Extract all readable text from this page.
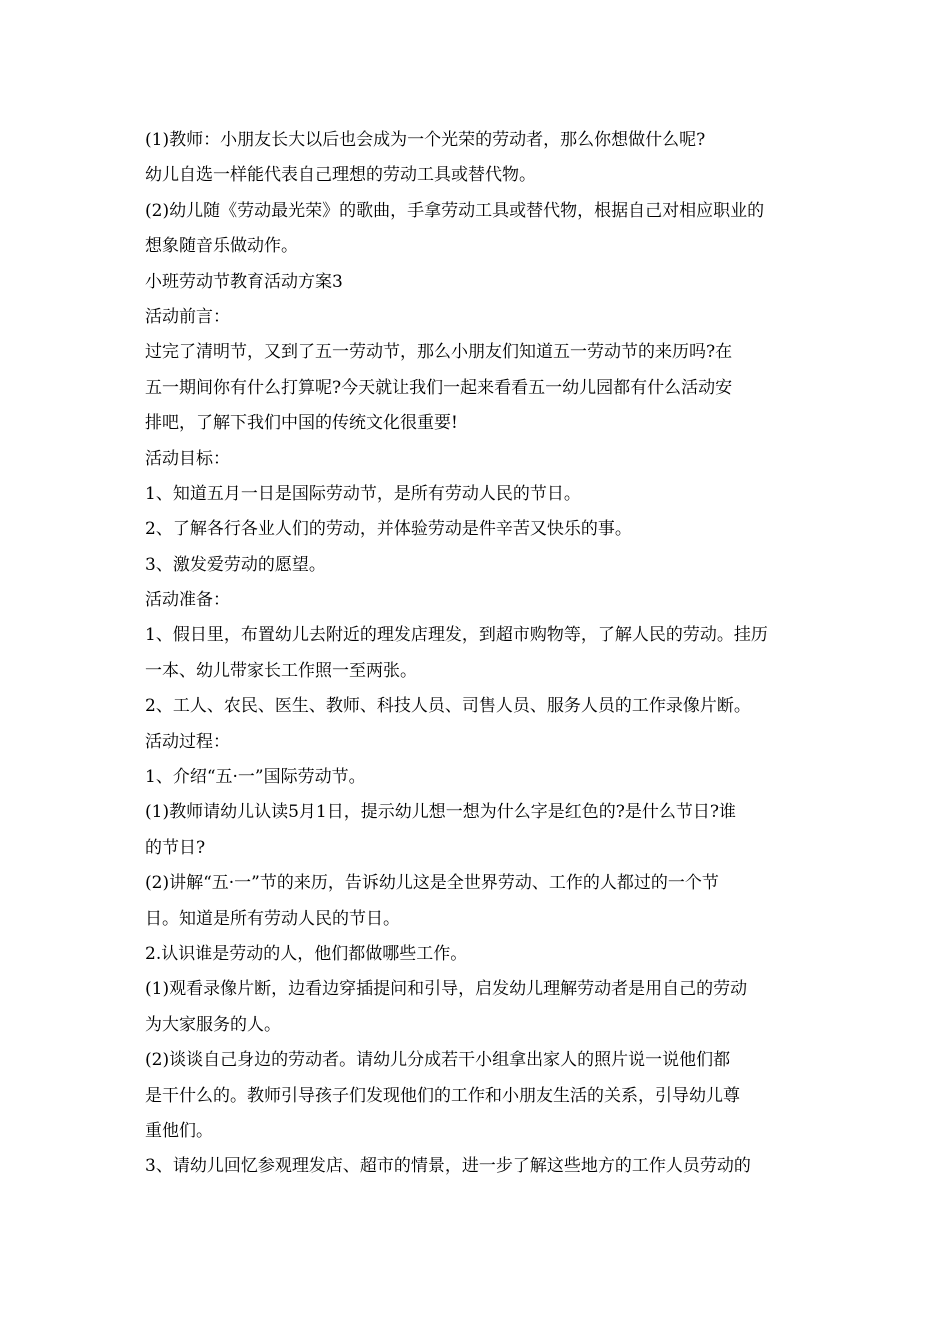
(1)教师：小朋友长大以后也会成为一个光荣的劳动者，那么你想做什么呢?
幼儿自选一样能代表自己理想的劳动工具或替代物。
(2)幼儿随《劳动最光荣》的歌曲，手拿劳动工具或替代物，根据自己对相应职业的
想象随音乐做动作。
小班劳动节教育活动方案3
活动前言：
过完了清明节，又到了五一劳动节，那么小朋友们知道五一劳动节的来历吗?在
五一期间你有什么打算呢?今天就让我们一起来看看五一幼儿园都有什么活动安
排吧，了解下我们中国的传统文化很重要!
活动目标：
1、知道五月一日是国际劳动节，是所有劳动人民的节日。
2、了解各行各业人们的劳动，并体验劳动是件辛苦又快乐的事。
3、激发爱劳动的愿望。
活动准备：
1、假日里，布置幼儿去附近的理发店理发，到超市购物等，了解人民的劳动。挂历
一本、幼儿带家长工作照一至两张。
2、工人、农民、医生、教师、科技人员、司售人员、服务人员的工作录像片断。
活动过程：
1、介绍“五·一”国际劳动节。
(1)教师请幼儿认读5月1日，提示幼儿想一想为什么字是红色的?是什么节日?谁
的节日?
(2)讲解“五·一”节的来历，告诉幼儿这是全世界劳动、工作的人都过的一个节
日。知道是所有劳动人民的节日。
2.认识谁是劳动的人，他们都做哪些工作。
(1)观看录像片断，边看边穿插提问和引导，启发幼儿理解劳动者是用自己的劳动
为大家服务的人。
(2)谈谈自己身边的劳动者。请幼儿分成若干小组拿出家人的照片说一说他们都
是干什么的。教师引导孩子们发现他们的工作和小朋友生活的关系，引导幼儿尊
重他们。
3、请幼儿回忆参观理发店、超市的情景，进一步了解这些地方的工作人员劳动的
